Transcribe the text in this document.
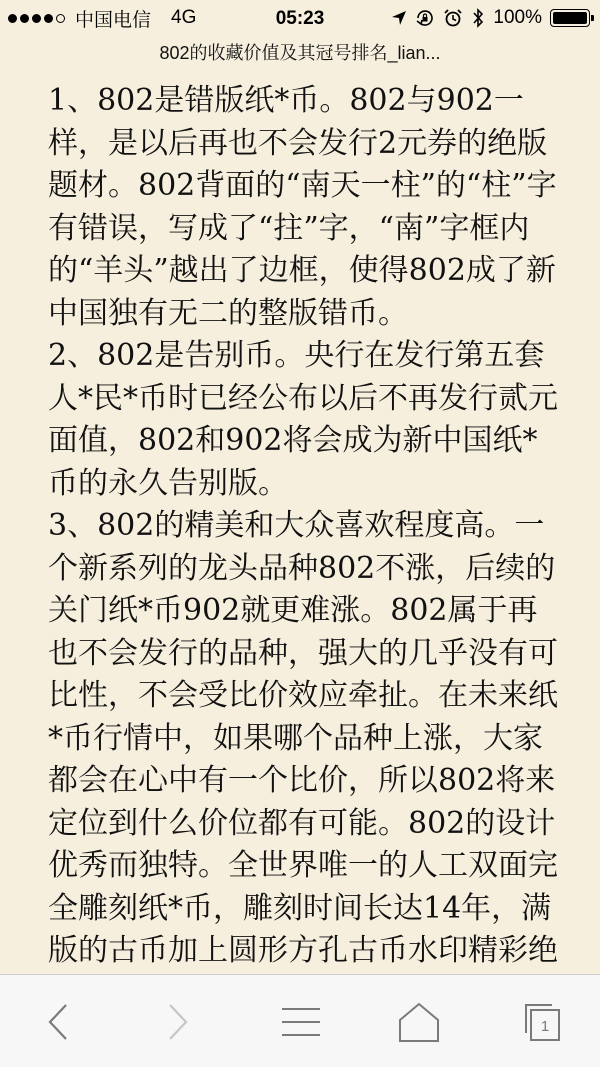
中国电信 4G	05:23	100%
802的收藏价值及其冠号排名_lian...

1、802是错版纸*币。802与902一样，是以后再也不会发行2元券的绝版题材。802背面的“南天一柱”的“柱”字有错误，写成了“拄”字，“南”字框内的“羊头”越出了边框，使得802成了新中国独有无二的整版错币。

2、802是告别币。央行在发行第五套人*民*币时已经公布以后不再发行贰元面值，802和902将会成为新中国纸*币的永久告别版。

3、802的精美和大众喜欢程度高。一个新系列的龙头品种802不涨，后续的关门纸*币902就更难涨。802属于再也不会发行的品种，强大的几乎没有可比性，不会受比价效应牵扯。在未来纸*币行情中，如果哪个品种上涨，大家都会在心中有一个比价，所以802将来定位到什么价位都有可能。802的设计优秀而独特。全世界唯一的人工双面完全雕刻纸*币，雕刻时间长达14年，满版的古币加上圆形方孔古币水印精彩绝

1
